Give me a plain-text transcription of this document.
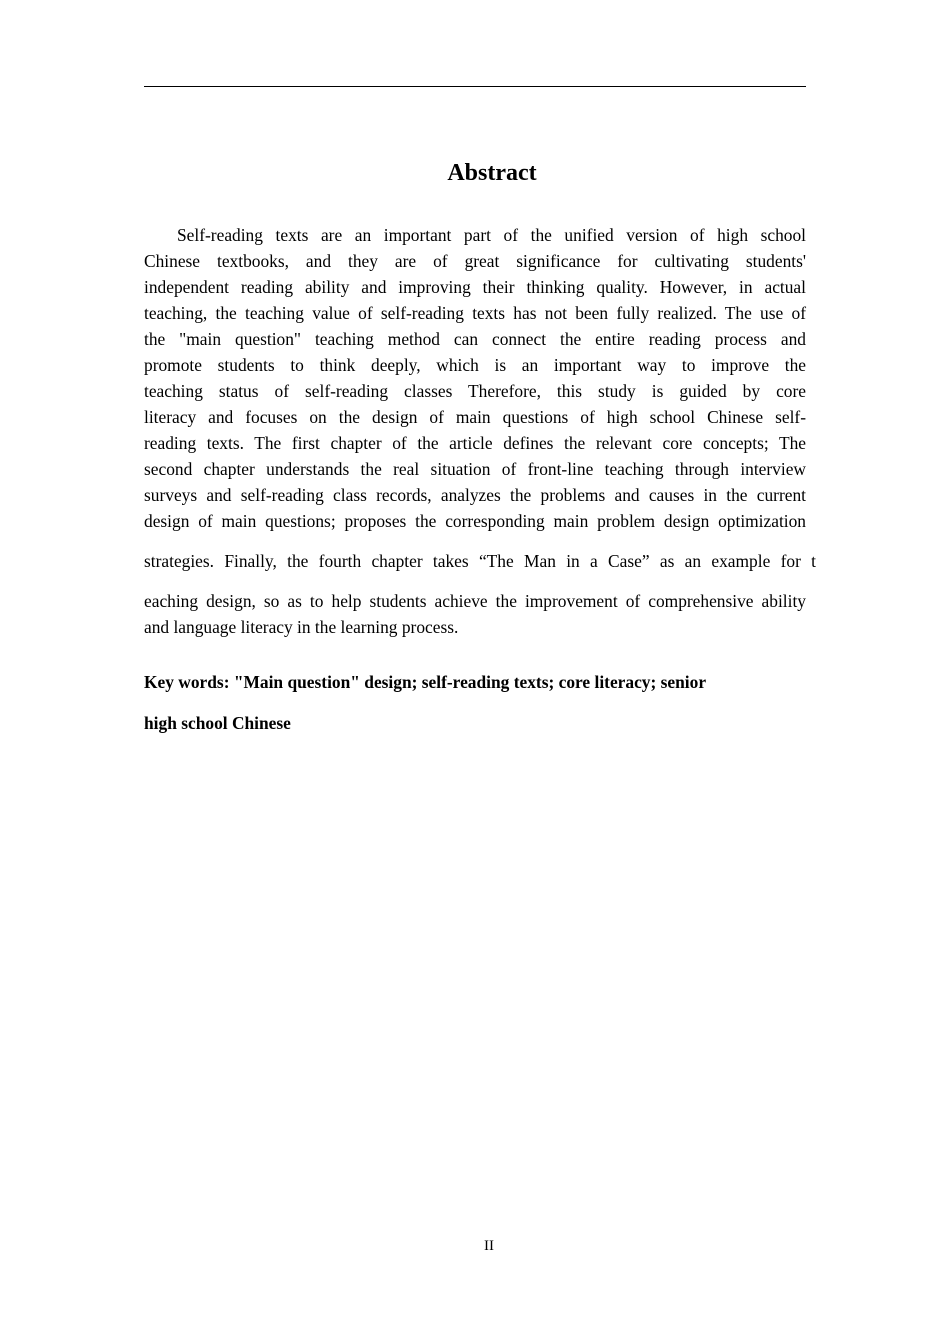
Abstract
Self-reading texts are an important part of the unified version of high school
Chinese textbooks, and they are of great significance for cultivating students'
independent reading ability and improving their thinking quality. However, in actual
teaching, the teaching value of self-reading texts has not been fully realized. The use of
the "main question" teaching method can connect the entire reading process and
promote students to think deeply, which is an important way to improve the
teaching status of self-reading classes Therefore, this study is guided by core
literacy and focuses on the design of main questions of high school Chinese self-
reading texts. The first chapter of the article defines the relevant core concepts; The
second chapter understands the real situation of front-line teaching through interview
surveys and self-reading class records, analyzes the problems and causes in the current
design of main questions; proposes the corresponding main problem design optimization
strategies. Finally, the fourth chapter takes “The Man in a Case” as an example for t
eaching design, so as to help students achieve the improvement of comprehensive ability
and language literacy in the learning process.
Key words: "Main question" design; self-reading texts; core literacy; senior
high school Chinese
II
